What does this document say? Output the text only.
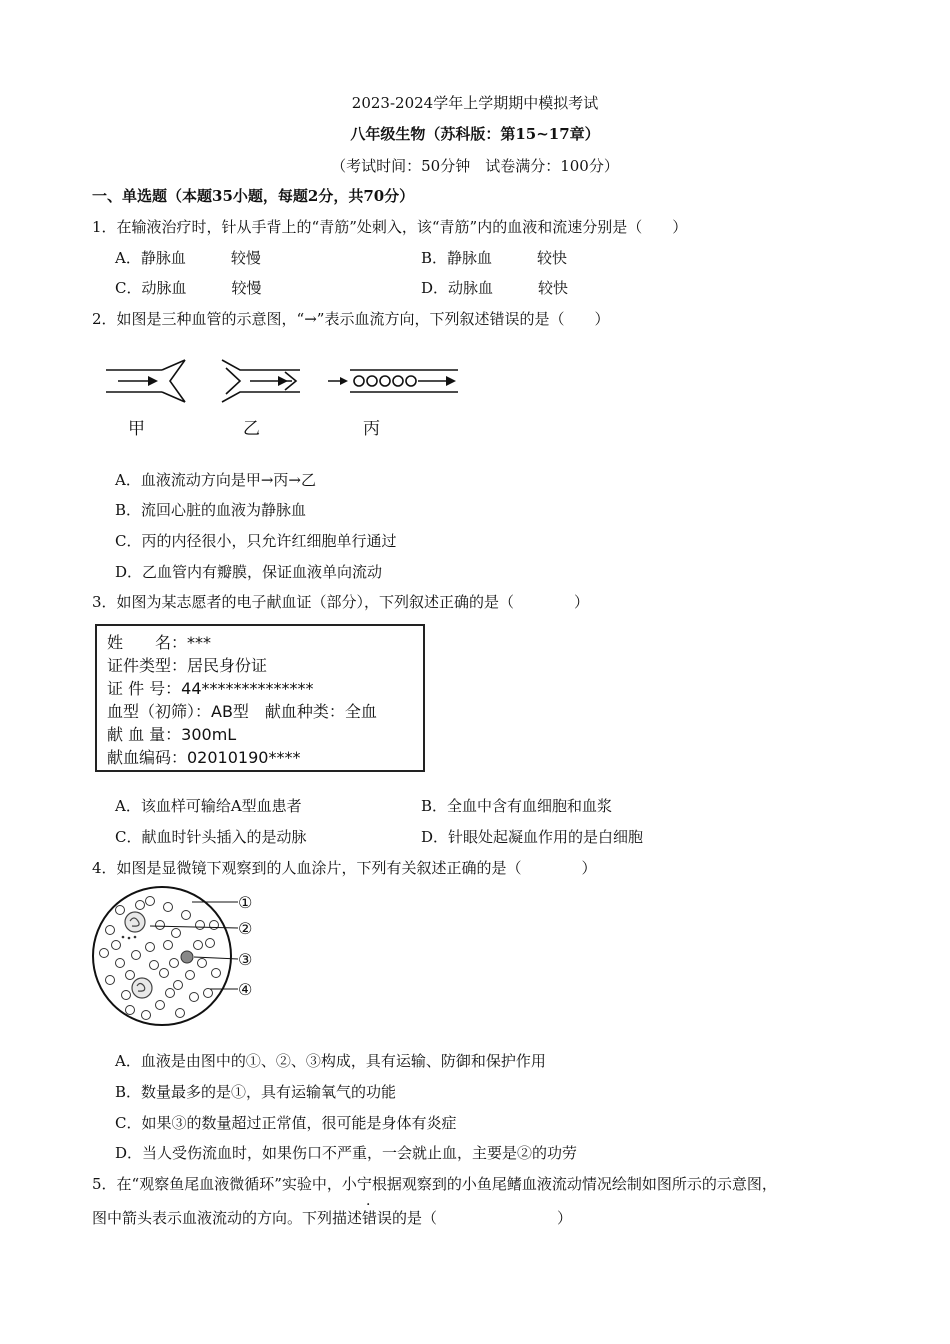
2023-2024学年上学期期中模拟考试
八年级生物（苏科版：第15~17章）
（考试时间：50分钟　试卷满分：100分）
一、单选题（本题35小题，每题2分，共70分）
1．在输液治疗时，针从手背上的“青筋”处刺入，该“青筋”内的血液和流速分别是（　　）
A．静脉血　　　较慢	B．静脉血　　　较快
C．动脉血　　　较慢	D．动脉血　　　较快
2．如图是三种血管的示意图，“→”表示血流方向，下列叙述错误的是（　　）
甲	乙	丙
A．血液流动方向是甲→丙→乙
B．流回心脏的血液为静脉血
C．丙的内径很小，只允许红细胞单行通过
D．乙血管内有瓣膜，保证血液单向流动
3．如图为某志愿者的电子献血证（部分），下列叙述正确的是（　　　　）
姓　　名：***
证件类型：居民身份证
证 件 号：44**************
血型（初筛）：AB型　献血种类：全血
献 血 量：300mL
献血编码：02010190****
A．该血样可输给A型血患者	B．全血中含有血细胞和血浆
C．献血时针头插入的是动脉	D．针眼处起凝血作用的是白细胞
4．如图是显微镜下观察到的人血涂片，下列有关叙述正确的是（　　　　）
①
②
③
④
A．血液是由图中的①、②、③构成，具有运输、防御和保护作用
B．数量最多的是①，具有运输氧气的功能
C．如果③的数量超过正常值，很可能是身体有炎症
D．当人受伤流血时，如果伤口不严重，一会就止血，主要是②的功劳
5．在“观察鱼尾血液微循环”实验中，小宁根据观察到的小鱼尾鳍血液流动情况绘制如图所示的示意图，
图中箭头表示血液流动的方向。下列描述错误的是（　　　　　　　　）
